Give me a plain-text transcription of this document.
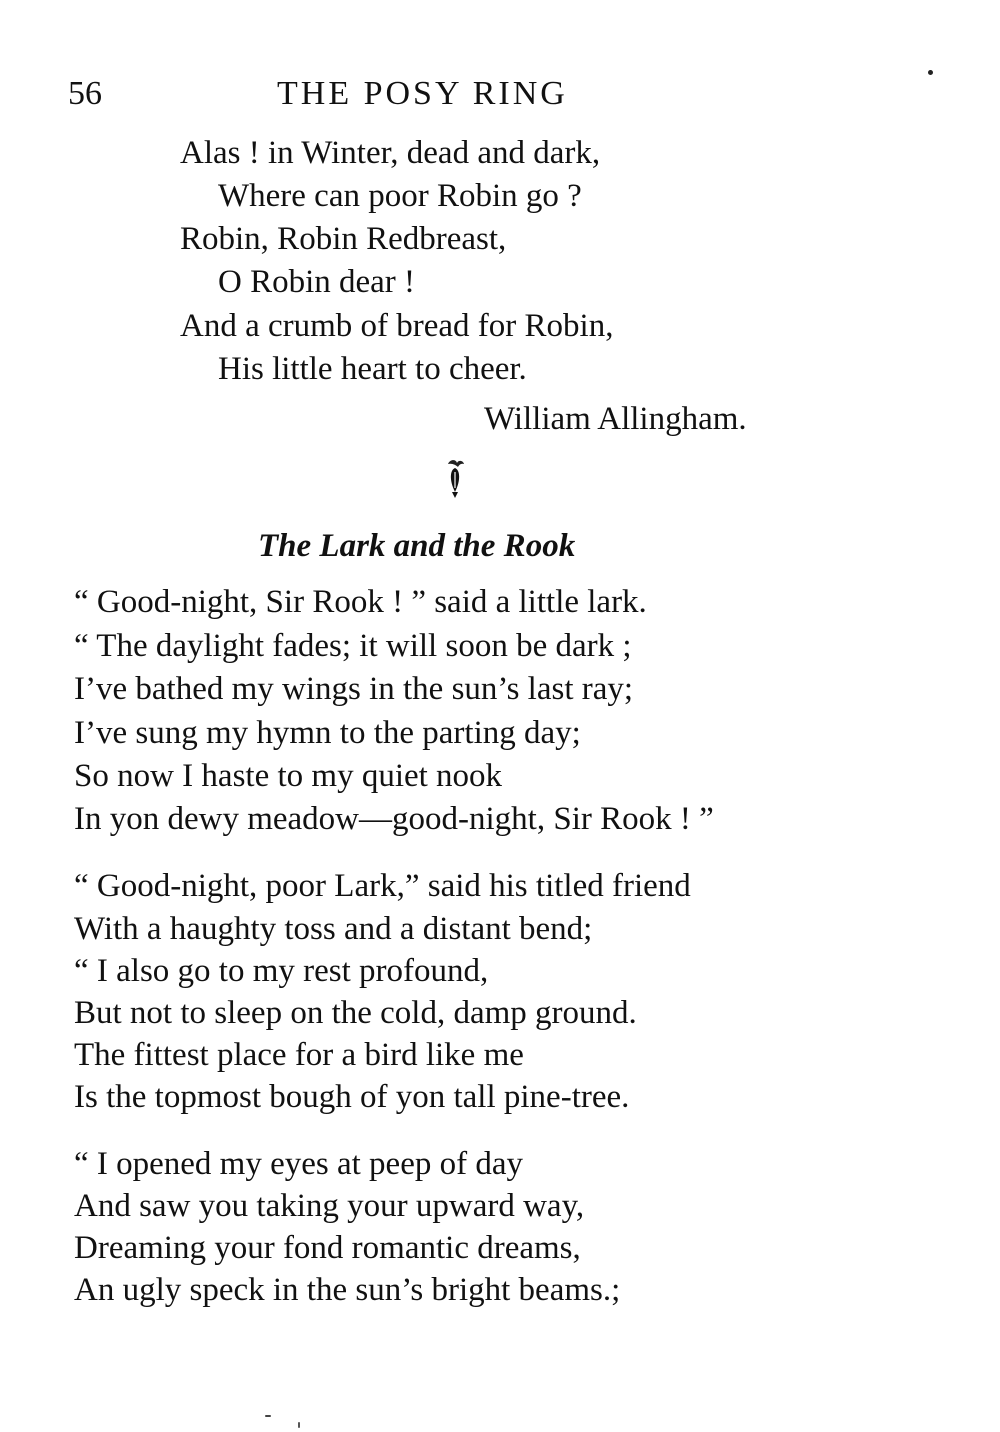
56	THE POSY RING
Alas ! in Winter, dead and dark,
Where can poor Robin go ?
Robin, Robin Redbreast,
O Robin dear !
And a crumb of bread for Robin,
His little heart to cheer.
William Allingham.
The Lark and the Rook
“ Good-night, Sir Rook ! ” said a little lark.
“ The daylight fades; it will soon be dark ;
I’ve bathed my wings in the sun’s last ray;
I’ve sung my hymn to the parting day;
So now I haste to my quiet nook
In yon dewy meadow—good-night, Sir Rook ! ”
“ Good-night, poor Lark,” said his titled friend
With a haughty toss and a distant bend;
“ I also go to my rest profound,
But not to sleep on the cold, damp ground.
The fittest place for a bird like me
Is the topmost bough of yon tall pine-tree.
“ I opened my eyes at peep of day
And saw you taking your upward way,
Dreaming your fond romantic dreams,
An ugly speck in the sun’s bright beams.;
